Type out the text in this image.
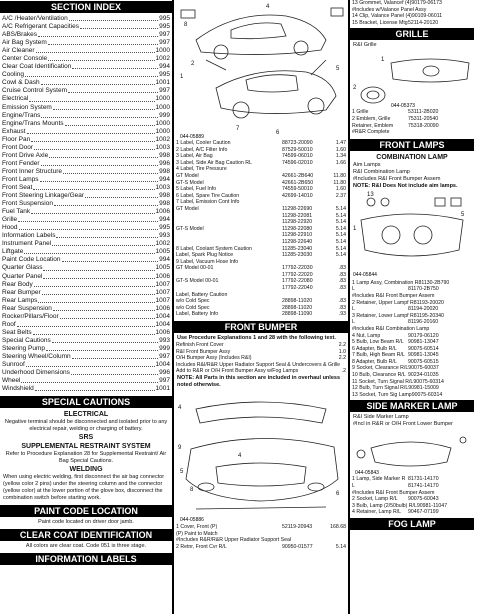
SECTION INDEX
A/C /Heater/Ventilation	995
A/C Refrigerant Capacities	995
ABS/Brakes	997
Air Bag System	997
Air Cleaner	1000
Center Console	1002
Clear Coat Identification	994
Cooling	995
Cowl & Dash	1001
Cruise Control System	997
Electrical	1000
Emission System	1000
Engine/Trans	999
Engine/Trans Mounts	1000
Exhaust	1000
Floor Pan	1002
Front Door	1003
Front Drive Axle	998
Front Fender	996
Front Inner Structure	998
Front Lamps	994
Front Seat	1003
Front Steering Linkage/Gear	998
Front Suspension	998
Fuel Tank	1006
Grille	994
Hood	995
Information Labels	993
Instrument Panel	1002
Liftgate	1005
Paint Code Location	994
Quarter Glass	1005
Quarter Panel	1006
Rear Body	1007
Rear Bumper	1007
Rear Lamps	1007
Rear Suspension	1006
Rocker/Pillars/Floor	1004
Roof	1004
Seat Belts	1006
Special Cautions	993
Steering Pump	999
Steering Wheel/Column	997
Sunroof	1004
Underhood Dimensions	996
Wheel	997
Windshield	1001
SPECIAL CAUTIONS
ELECTRICAL
Negative terminal should be disconnected and isolated prior to any electrical repair, welding or charging of battery.
SRS
SUPPLEMENTAL RESTRAINT SYSTEM
Refer to Procedure Explanation 28 for Supplemental Restraint/ Air Bag Special Cautions.
WELDING
When using electric welding, first disconnect the air bag connector (yellow color 2 pins) under the steering column and the connector (yellow color) at the lower portion of the glove box, disconnect the combination switch before starting work.
PAINT CODE LOCATION
Paint code located on driver door jamb.
CLEAR COAT IDENTIFICATION
All colors are clear coat. Code 051 is three stage.
INFORMATION LABELS
8
4
2
1
5
7
6
044-05889
1 Label, Cooler Caution	88723-20090	1.47
2 Label, A/C Filter Info	87529-50010	1.60
3 Label, Air Bag	74599-06010	1.34
3 Label, Side Air Bag Caution RL	74596-02010	1.66
4 Label, Tire Pressure
GT Model	42661-2B640	11.80
GT-S Model	42661-2B650	11.80
5 Label, Fuel Info	74559-50010	1.60
6 Label, Spare Tire Caution	42699-14010	2.37
7 Label, Emission Cont Info
GT Model	11298-22690	5.14
11298-22081	5.14
11298-22920	5.14
GT-S Model	11298-22080	5.14
11298-22910	5.14
11298-22640	5.14
8 Label, Coolant System Caution	11285-23040	5.14
Label, Spark Plug Notice	11285-23030	5.14
9 Label, Vacuum Hose Info
GT Model 00-01	17792-22030	.83
17792-22020	.83
GT-S Model 00-01	17792-22080	.83
17792-22040	.83
Label, Battery Caution
w/o Cold Spec	28898-11020	.83
w/o Cold Spec	28898-11020	.83
Label, Battery Info	28898-11090	.93
FRONT BUMPER
Use Procedure Explanations 1 and 28 with the following text.
Refinish Front Cover	2.2
R&I Front Bumper Assy	1.0
O/H Bumper Assy (Includes R&I)	2.2
Includes R&I/R&R Upper Radiator Support Seal & Undercovers & Grille
Add to R&R or O/H Front Bumper Assy w/Fog Lamps	.2
NOTE: All Parts in this section are included in overhaul unless noted otherwise.
4
9
5
4
8
6
044-05886
1 Cover, Front (P)	52119-20943	168.68
(P) Paint to Match
#Includes R&R/R&R Upper Radiator Support Seal
2 Retnr, Front Cvr R/L	90950-01577	5.14
13 Grommet, Valancef (4) 90179-06173
#Includes w/Valance Panel Assy
14 Clip, Valance Panel (4) 90109-06011
15 Bracket, License Mtg 52114-20120
GRILLE
R&I Grille
1
2
044-05373
1 Grille	53111-2B020
2 Emblem, Grille	75311-20540
Retainer, Emblem	75318-20090
#R&R Complete
FRONT LAMPS
COMBINATION LAMP
Aim Lamps
R&I Combination Lamp
#Includes R&I Front Bumper Assem
NOTE: R&I Does Not include aim lamps.
13
1
5
044-05844
1 Lamp Assy, Combination R 81130-2B790
L	81170-2B750
#Includes R&I Front Bumper Assem
2 Retainer, Upper Lampf R 81193-20020
L	81194-20020
3 Retainer, Lower Lampf R 81195-20340
L	81196-20160
#Includes R&I Combination Lamp
4 Nut, Lamp	90179-06120
5 Bulb, Low Beam R/L 90981-13047
6 Adapter, Bulb R/L	90075-60514
7 Bulb, High Beam R/L 90981-13045
8 Adapter, Bulb R/L	90075-60515
9 Socket, Clearance R/L 90075-60037
10 Bulb, Clearance R/L 90234-01035
11 Socket, Turn Signal R/L 90075-60314
12 Bulb, Turn Signal R/L 90981-15009
13 Socket, Turn Sig Lamp 90075-60314
SIDE MARKER LAMP
R&I Side Marker Lamp
#Incl in R&R or O/H Front Lower Bumper
044-05843
1 Lamp, Side Marker R 81731-14170
L	81741-14170
#Includes R&I Front Bumper Assem
2 Socket, Lamp R/L	90075-60043
3 Bulb, Lamp (2/50bulb) R/L 90981-11047
4 Retainer, Lamp R/L	90467-07199
FOG LAMP
